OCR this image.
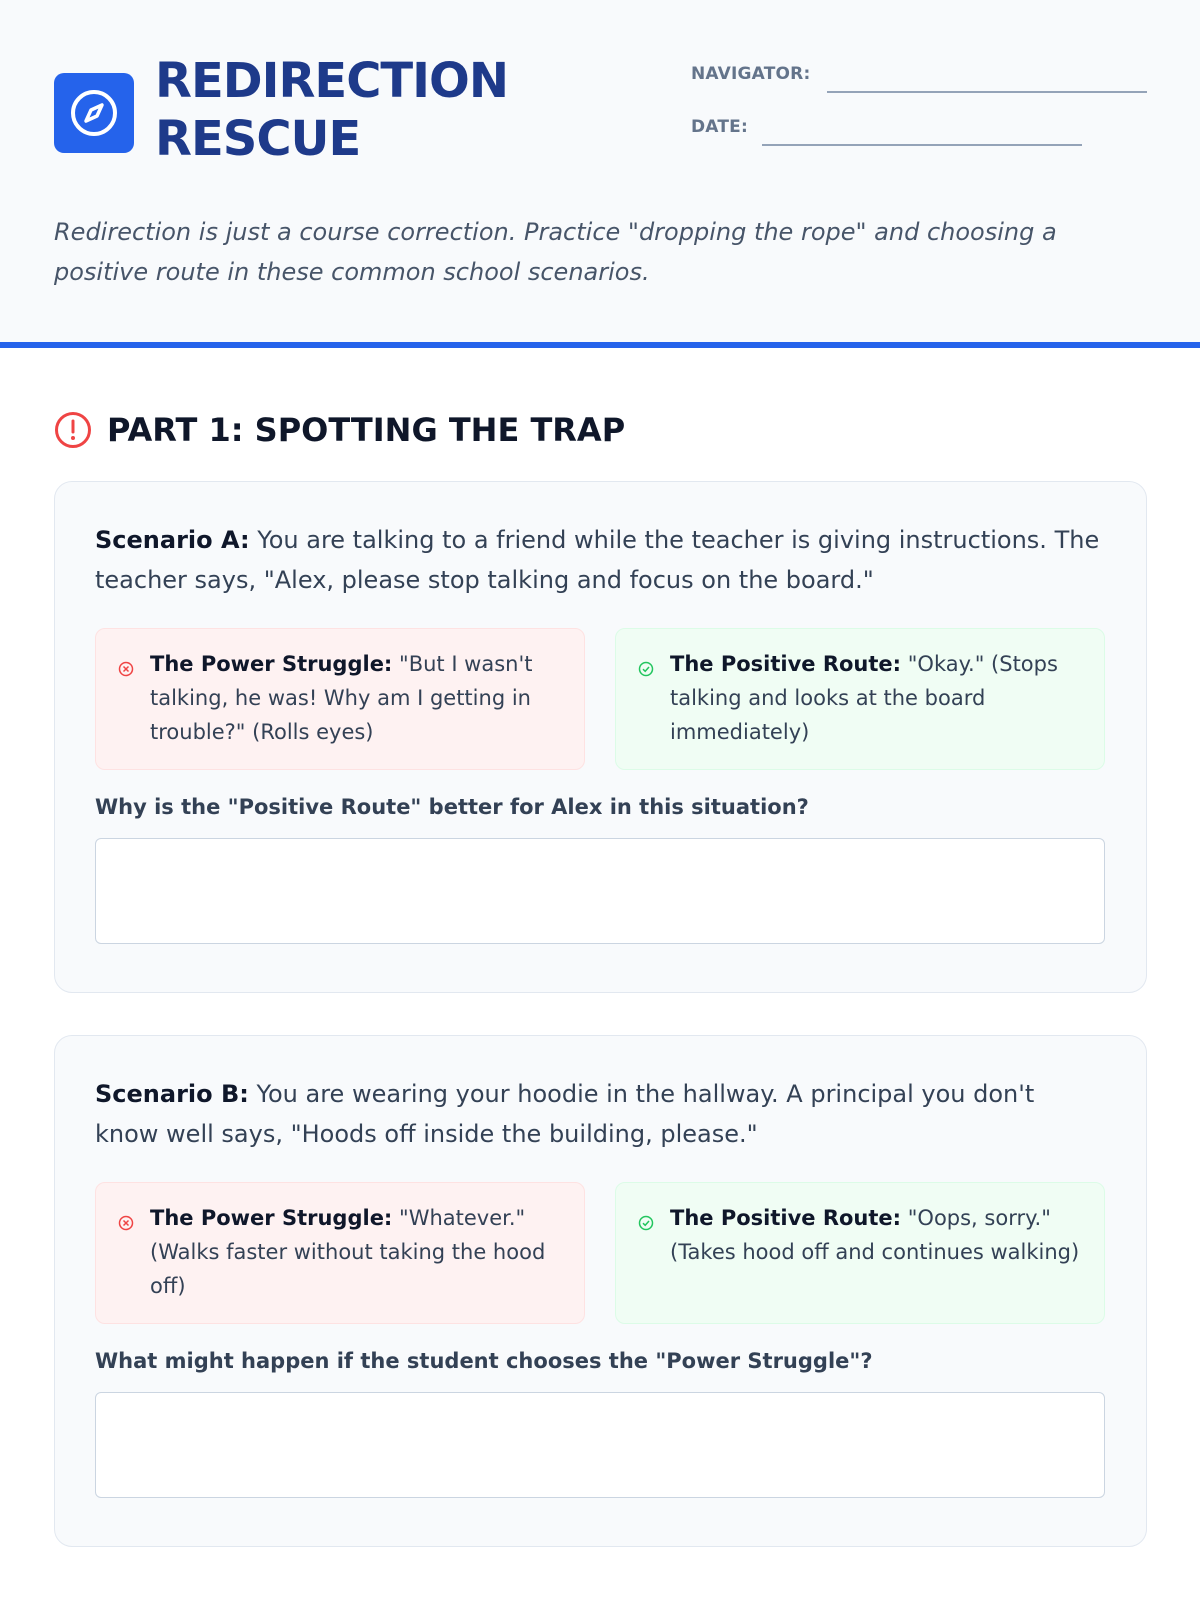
REDIRECTION
RESCUE
NAVIGATOR:
DATE:
Redirection is just a course correction. Practice "dropping the rope" and choosing a positive route in these common school scenarios.
PART 1: SPOTTING THE TRAP
Scenario A: You are talking to a friend while the teacher is giving instructions. The teacher says, "Alex, please stop talking and focus on the board."
The Power Struggle: "But I wasn't talking, he was! Why am I getting in trouble?" (Rolls eyes)
The Positive Route: "Okay." (Stops talking and looks at the board immediately)
Why is the "Positive Route" better for Alex in this situation?
Scenario B: You are wearing your hoodie in the hallway. A principal you don't know well says, "Hoods off inside the building, please."
The Power Struggle: "Whatever." (Walks faster without taking the hood off)
The Positive Route: "Oops, sorry." (Takes hood off and continues walking)
What might happen if the student chooses the "Power Struggle"?
